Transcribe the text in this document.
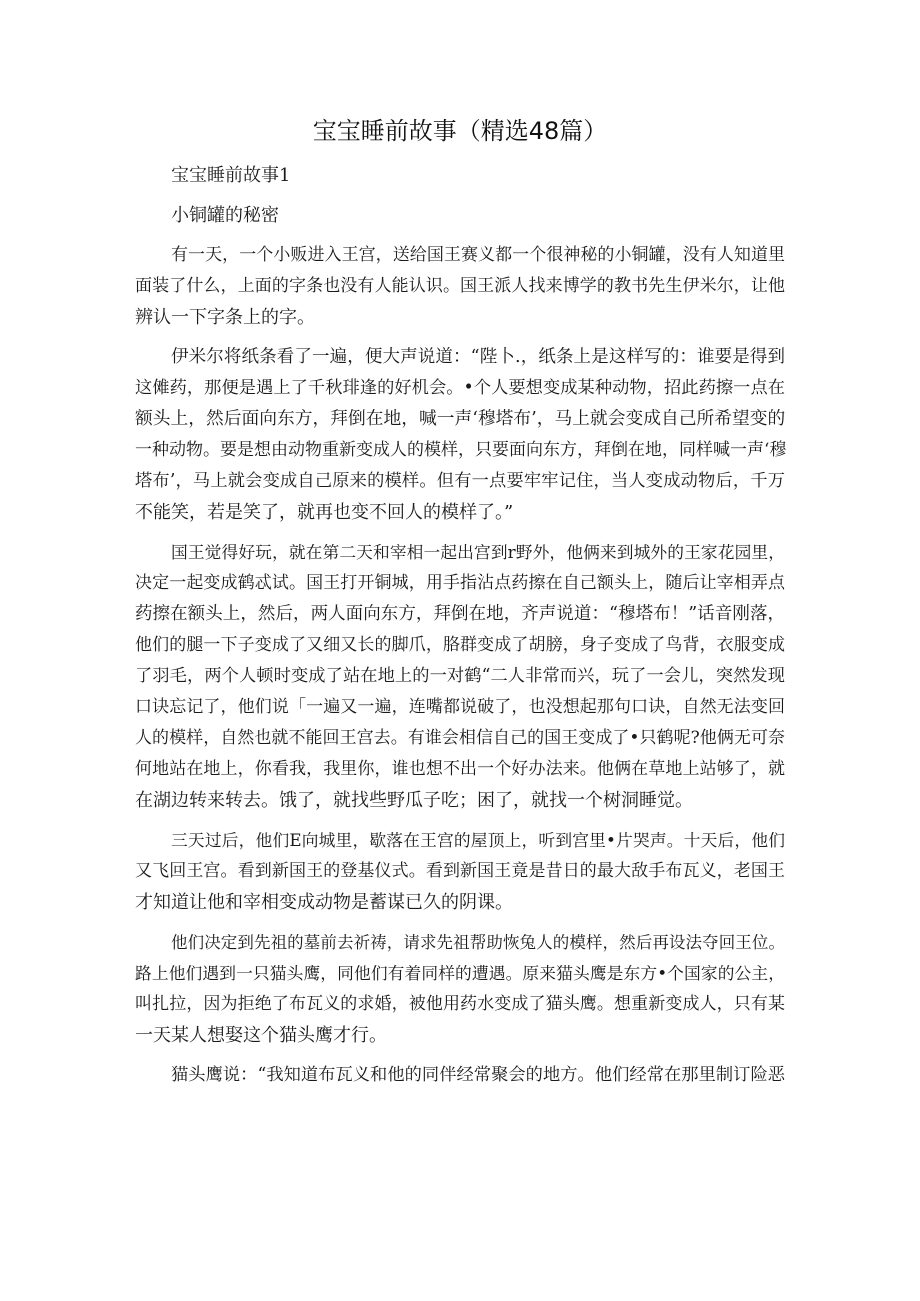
宝宝睡前故事（精选48篇）

宝宝睡前故事1

小铜罐的秘密

有一天，一个小贩进入王宫，送给国王赛义都一个很神秘的小铜罐，没有人知道里

面装了什么，上面的字条也没有人能认识。国王派人找来博学的教书先生伊米尔，让他

辨认一下字条上的字。

伊米尔将纸条看了一遍，便大声说道：“陛卜.，纸条上是这样写的：谁要是得到

这傩药，那便是遇上了千秋琲逢的好机会。•个人要想变成某种动物，招此药擦一点在

额头上，然后面向东方，拜倒在地，喊一声‘穆塔布’，马上就会变成自己所希望变的

一种动物。要是想由动物重新变成人的模样，只要面向东方，拜倒在地，同样喊一声‘穆

塔布’，马上就会变成自己原来的模样。但有一点要牢牢记住，当人变成动物后，千万

不能笑，若是笑了，就再也变不回人的模样了。”

国王觉得好玩，就在第二天和宰相一起出宫到r野外，他俩来到城外的王家花园里，

决定一起变成鹤忒试。国王打开铜城，用手指沾点药擦在自己额头上，随后让宰相弄点

药擦在额头上，然后，两人面向东方，拜倒在地，齐声说道：“穆塔布！”话音刚落，

他们的腿一下子变成了又细又长的脚爪，胳群变成了胡膀，身子变成了鸟背，衣服变成

了羽毛，两个人顿时变成了站在地上的一对鹤“二人非常而兴，玩了一会儿，突然发现

口诀忘记了，他们说「一遍又一遍，连嘴都说破了，也没想起那句口诀，自然无法变回

人的模样，自然也就不能回王宫去。有谁会相信自己的国王变成了•只鹤呢?他俩无可奈

何地站在地上，你看我，我里你，谁也想不出一个好办法来。他俩在草地上站够了，就

在湖边转来转去。饿了，就找些野瓜子吃；困了，就找一个树洞睡觉。

三天过后，他们E向城里，歇落在王宫的屋顶上，听到宫里•片哭声。十天后，他们

又飞回王宫。看到新国王的登基仪式。看到新国王竟是昔日的最大敌手布瓦义，老国王

才知道让他和宰相变成动物是蓄谋已久的阴课。

他们决定到先祖的墓前去祈祷，请求先祖帮助恢兔人的模样，然后再设法夺回王位。

路上他们遇到一只猫头鹰，同他们有着同样的遭遇。原来猫头鹰是东方•个国家的公主，

叫扎拉，因为拒绝了布瓦义的求婚，被他用药水变成了猫头鹰。想重新变成人，只有某

一天某人想娶这个猫头鹰才行。

猫头鹰说：“我知道布瓦义和他的同伴经常聚会的地方。他们经常在那里制订险恶
